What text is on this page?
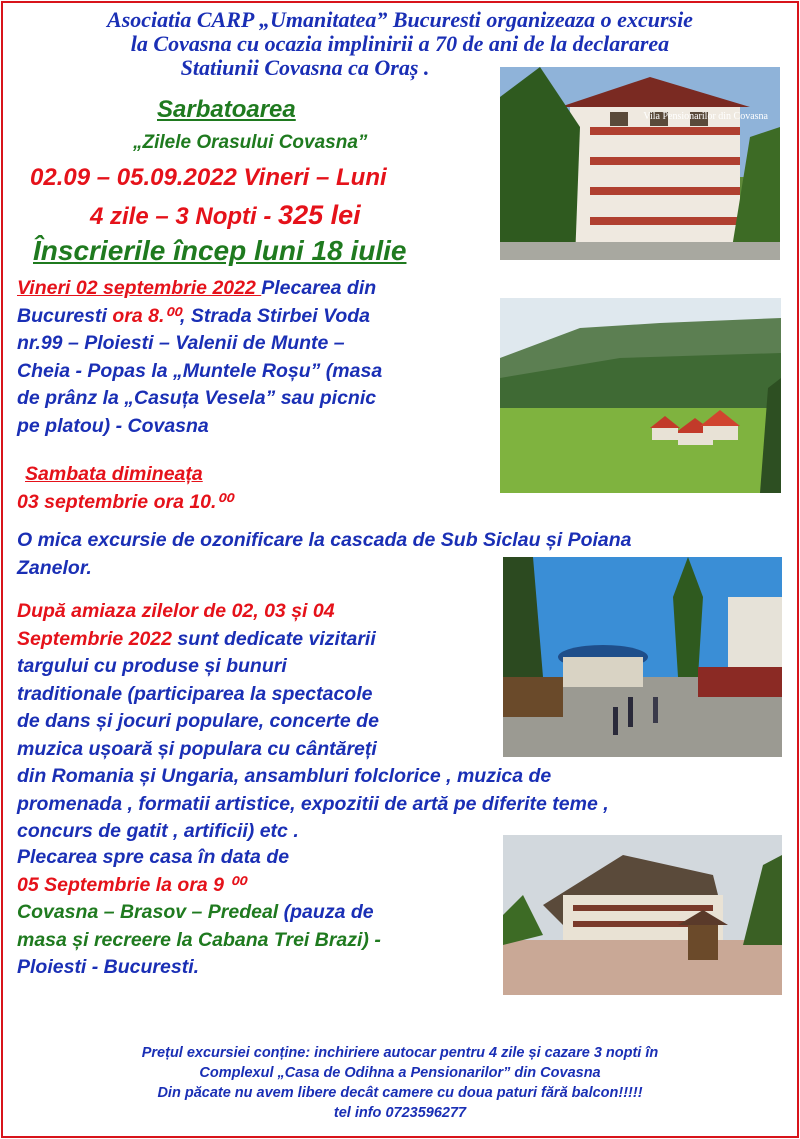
Asociatia CARP „Umanitatea” Bucuresti organizeaza o excursie
la Covasna cu ocazia implinirii a 70 de ani de la declararea

Statiunii Covasna ca Oraș .
Sarbatoarea
„Zilele Orasului Covasna”
02.09 – 05.09.2022 Vineri – Luni
4 zile – 3 Nopti - 325 lei
Înscrierile încep luni 18 iulie
Vila Pensionarilor din Covasna
Vineri 02 septembrie 2022 Plecarea din
Bucuresti ora 8.⁰⁰, Strada Stirbei Voda
nr.99 – Ploiesti – Valenii de Munte –
Cheia - Popas la „Muntele Roșu” (masa
de prânz la „Casuța Vesela” sau picnic
pe platou) - Covasna
Sambata dimineața
03 septembrie ora 10.⁰⁰
O mica excursie de ozonificare la cascada de Sub Siclau și Poiana
Zanelor.
După amiaza zilelor de 02, 03 și 04
Septembrie 2022 sunt dedicate vizitarii
targului cu produse și bunuri
traditionale (participarea la spectacole
de dans și jocuri populare, concerte de
muzica ușoară și populara cu cântăreți
din Romania și Ungaria, ansambluri folclorice , muzica de
promenada , formatii artistice, expozitii de artă pe diferite teme ,
concurs de gatit , artificii) etc .
Plecarea spre casa în data de
05 Septembrie la ora 9 ⁰⁰
Covasna – Brasov – Predeal (pauza de
masa și recreere la Cabana Trei Brazi) -
Ploiesti - Bucuresti.
Prețul excursiei conține: inchiriere autocar pentru 4 zile și cazare 3 nopti în
Complexul „Casa de Odihna a Pensionarilor” din Covasna
Din păcate nu avem libere decât camere cu doua paturi fără balcon!!!!!
tel info 0723596277
